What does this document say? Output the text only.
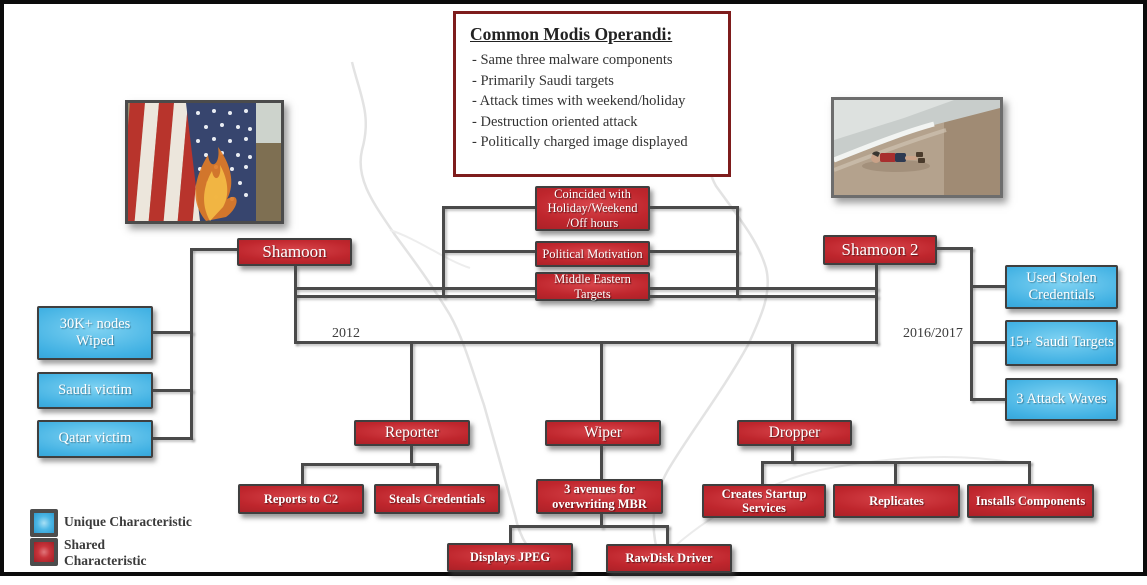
Common Modis Operandi:
- Same three malware components
- Primarily Saudi targets
- Attack times with weekend/holiday
- Destruction oriented attack
- Politically charged image displayed
Shamoon	Shamoon 2
2012	2016/2017
Coincided with Holiday/Weekend /Off hours
Political Motivation
Middle Eastern Targets
30K+ nodes Wiped
Saudi victim
Qatar victim
Used Stolen Credentials
15+ Saudi Targets
3 Attack Waves
Reporter	Wiper	Dropper
Reports to C2	Steals Credentials
3 avenues for overwriting MBR
Displays JPEG	RawDisk Driver
Creates Startup Services
Replicates	Installs Components
Unique Characteristic
Shared Characteristic
